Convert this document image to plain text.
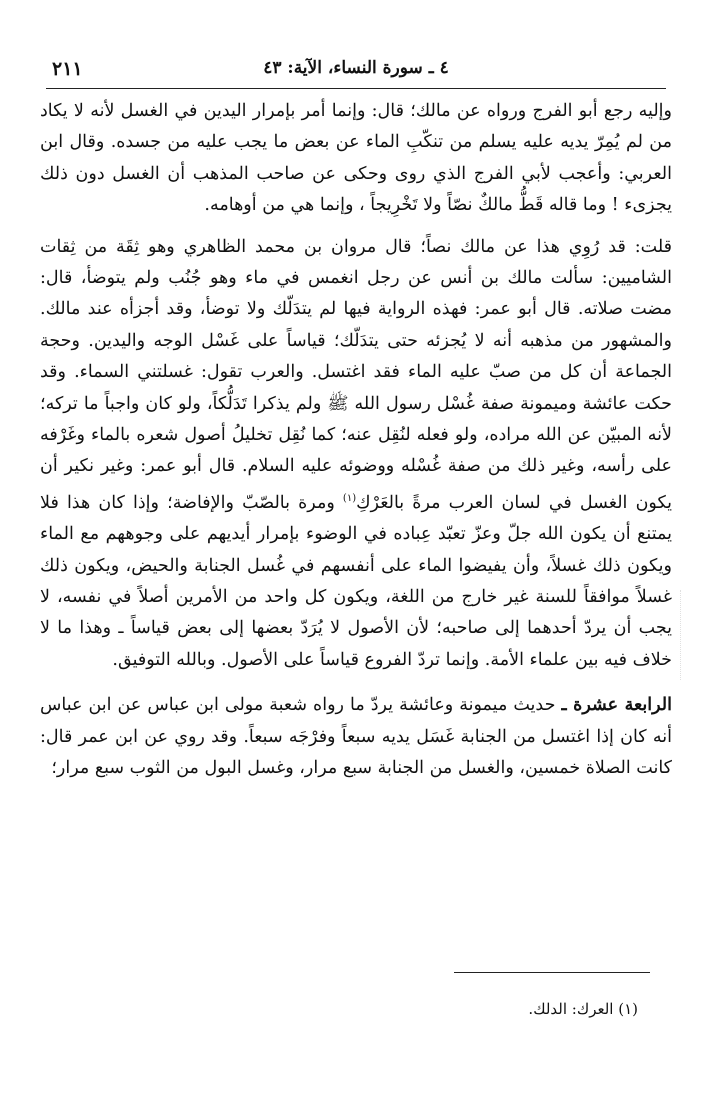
٢١١	٤ ـ سورة النساء، الآية: ٤٣

وإليه رجع أبو الفرج ورواه عن مالك؛ قال: وإنما أمر بإمرار اليدين في الغسل لأنه لا يكاد من لم يُمِرّ يديه عليه يسلم من تنكّبِ الماء عن بعض ما يجب عليه من جسده. وقال ابن العربي: وأعجب لأبي الفرج الذي روى وحكى عن صاحب المذهب أن الغسل دون ذلك يجزىء ! وما قاله قَطُّ مالكٌ نصّاً ولا تَخْرِيجاً ، وإنما هي من أوهامه.

قلت: قد رُوِي هذا عن مالك نصاً؛ قال مروان بن محمد الظاهري وهو ثِقَة من ثِقات الشاميين: سألت مالك بن أنس عن رجل انغمس في ماء وهو جُنُب ولم يتوضأ، قال: مضت صلاته. قال أبو عمر: فهذه الرواية فيها لم يتدَلّك ولا توضأ، وقد أجزأه عند مالك. والمشهور من مذهبه أنه لا يُجزئه حتى يتدَلّك؛ قياساً على غَسْل الوجه واليدين. وحجة الجماعة أن كل من صبّ عليه الماء فقد اغتسل. والعرب تقول: غسلتني السماء. وقد حكت عائشة وميمونة صفة غُسْل رسول الله ﷺ ولم يذكرا تَدَلُّكاً، ولو كان واجباً ما تركه؛ لأنه المبيّن عن الله مراده، ولو فعله لنُقِل عنه؛ كما نُقِل تخليلُ أصول شعره بالماء وغَرْفه على رأسه، وغير ذلك من صفة غُسْله ووضوئه عليه السلام. قال أبو عمر: وغير نكير أن يكون الغسل في لسان العرب مرةً بالعَرْكِ$^{(١)}$ ومرة بالصّبّ والإفاضة؛ وإذا كان هذا فلا يمتنع أن يكون الله جلّ وعزّ تعبّد عِباده في الوضوء بإمرار أيديهم على وجوههم مع الماء ويكون ذلك غسلاً، وأن يفيضوا الماء على أنفسهم في غُسل الجنابة والحيض، ويكون ذلك غسلاً موافقاً للسنة غير خارج من اللغة، ويكون كل واحد من الأمرين أصلاً في نفسه، لا يجب أن يردّ أحدهما إلى صاحبه؛ لأن الأصول لا يُرَدّ بعضها إلى بعض قياساً ـ وهذا ما لا خلاف فيه بين علماء الأمة. وإنما تردّ الفروع قياساً على الأصول. وبالله التوفيق.

الرابعة عشرة ـ حديث ميمونة وعائشة يردّ ما رواه شعبة مولى ابن عباس عن ابن عباس أنه كان إذا اغتسل من الجنابة غَسَل يديه سبعاً وفرْجَه سبعاً. وقد روي عن ابن عمر قال: كانت الصلاة خمسين، والغسل من الجنابة سبع مرار، وغسل البول من الثوب سبع مرار؛

(١) العرك: الدلك.
